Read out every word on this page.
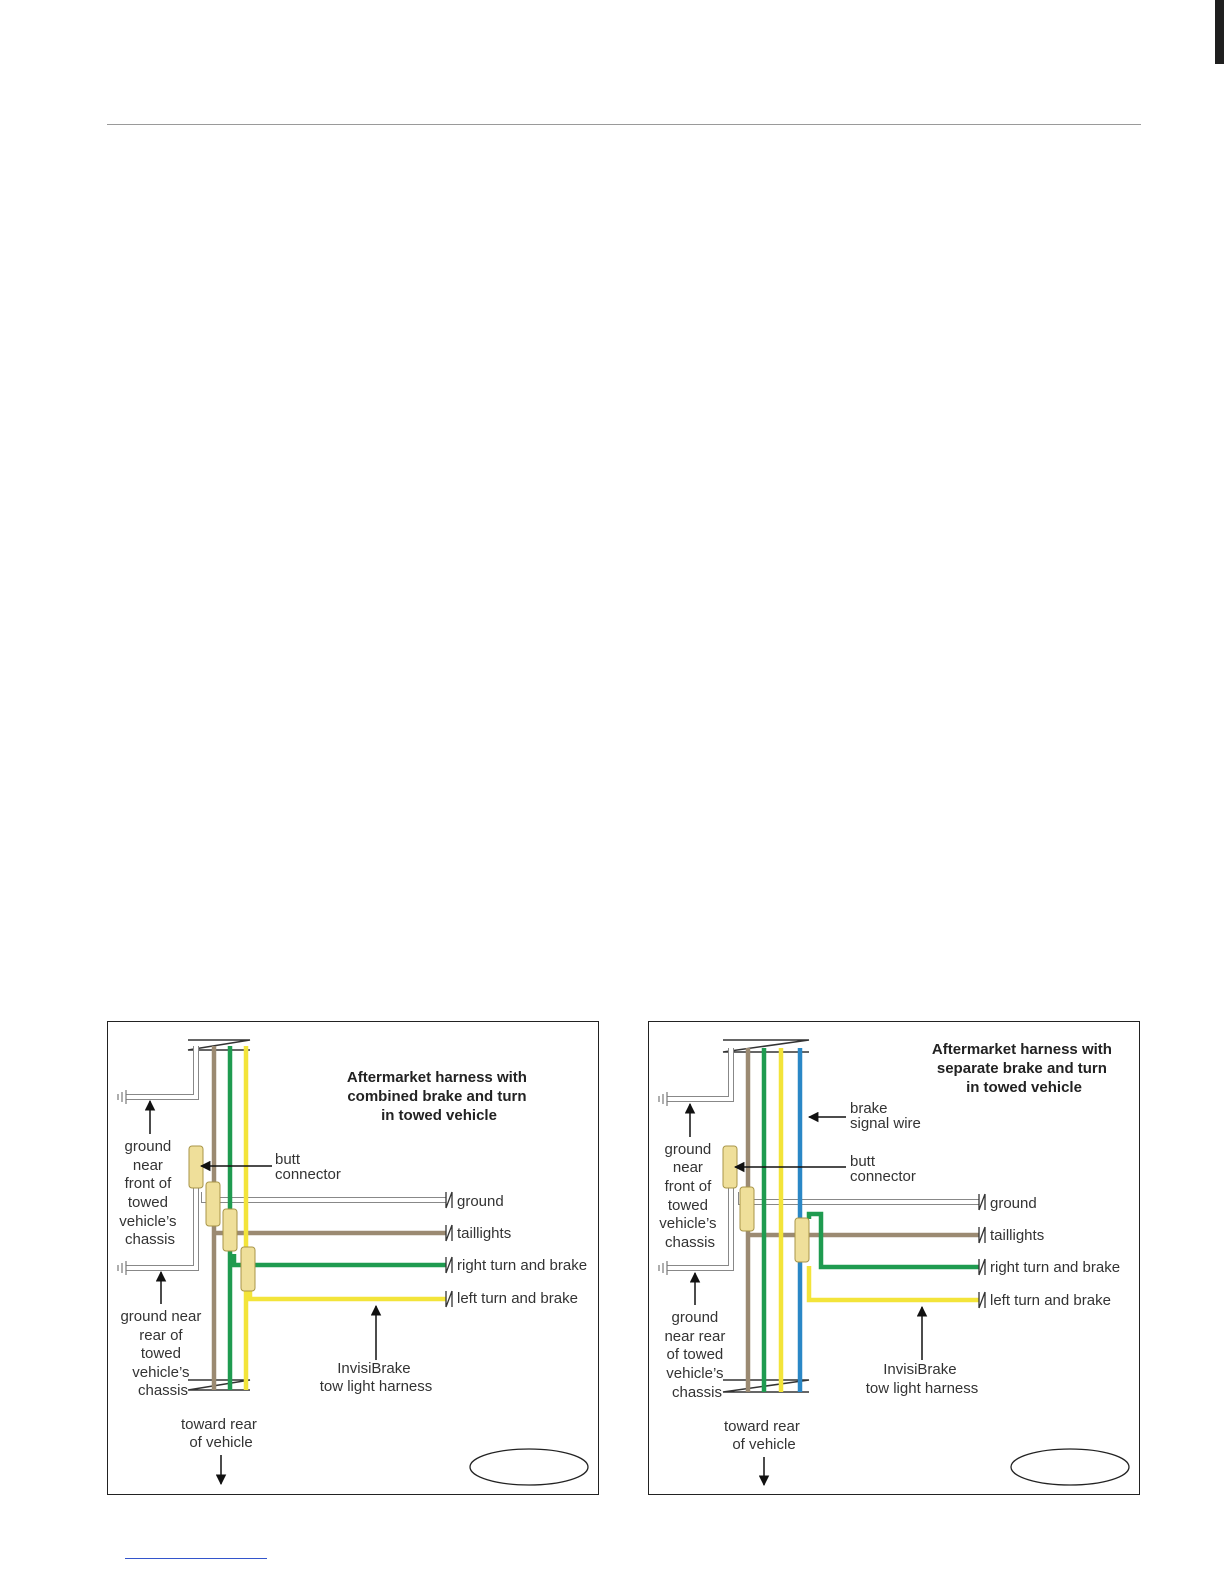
Aftermarket harness with combined brake and turn in towed vehicle
ground
taillights
right turn and brake
left turn and brake
ground near front of towed vehicle’s chassis
ground near rear of towed vehicle’s chassis
butt connector
InvisiBrake tow light harness
toward rear of vehicle
Aftermarket harness with separate brake and turn in towed vehicle
ground
taillights
right turn and brake
left turn and brake
brake signal wire
butt connector
ground near front of towed vehicle’s chassis
ground near rear of towed vehicle’s chassis
InvisiBrake tow light harness
toward rear of vehicle
